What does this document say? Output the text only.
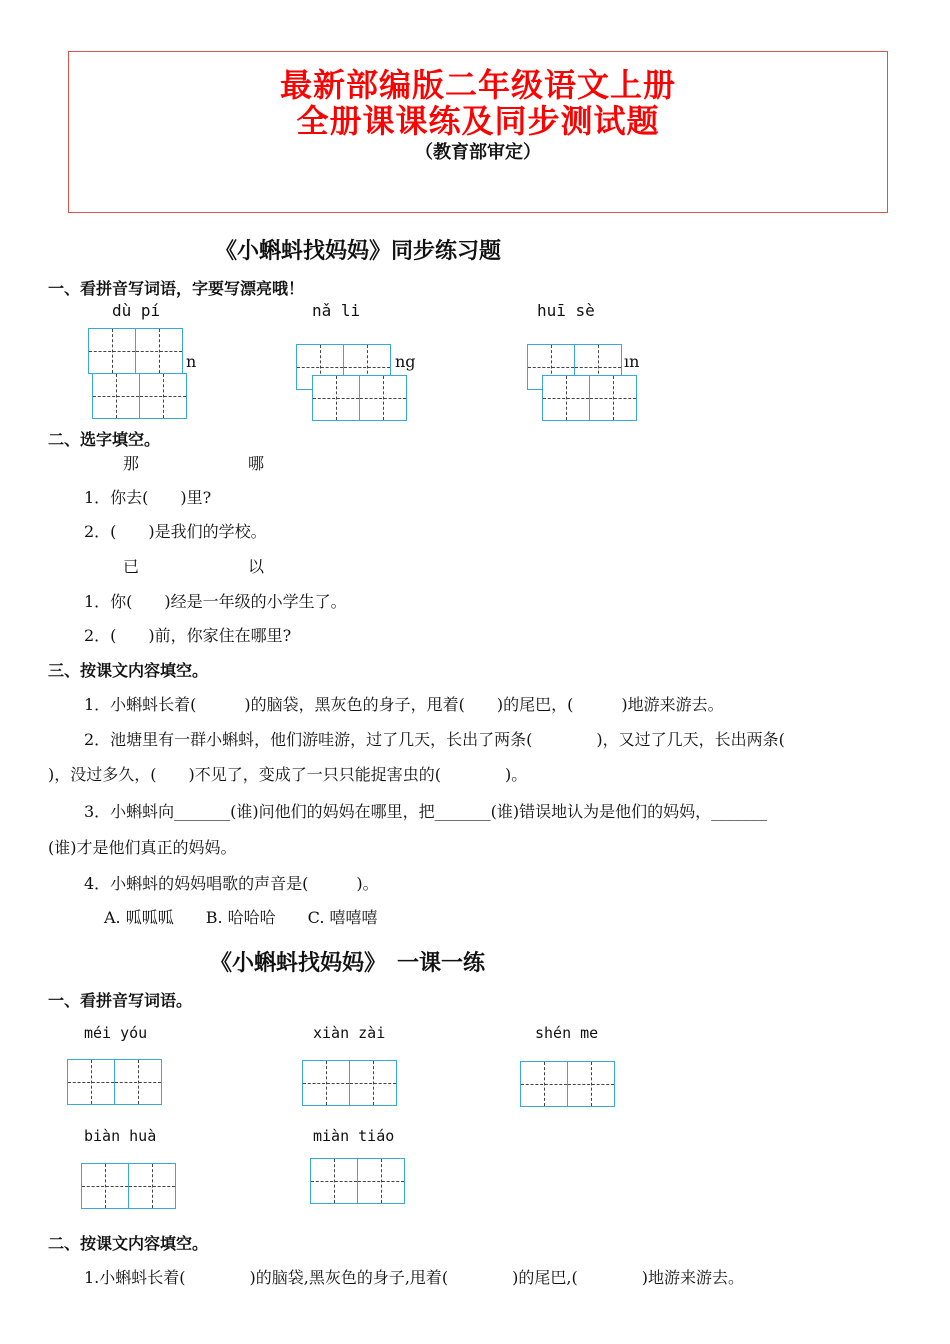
最新部编版二年级语文上册
全册课课练及同步测试题
（教育部审定）
《小蝌蚪找妈妈》同步练习题
一、看拼音写词语，字要写漂亮哦！
dù pí	nǎ li	huī sè
n	ng	ın
二、选字填空。
那	哪
1．你去(　　)里?
2．(　　)是我们的学校。
已	以
1．你(　　)经是一年级的小学生了。
2．(　　)前，你家住在哪里?
三、按课文内容填空。
1．小蝌蚪长着(　　　)的脑袋，黑灰色的身子，甩着(　　)的尾巴，(　　　)地游来游去。
2．池塘里有一群小蝌蚪，他们游哇游，过了几天，长出了两条(　　　　)，又过了几天，长出两条(
)，没过多久，(　　)不见了，变成了一只只能捉害虫的(　　　　)。
3．小蝌蚪向_______(谁)问他们的妈妈在哪里，把_______(谁)错误地认为是他们的妈妈，_______
(谁)才是他们真正的妈妈。
4．小蝌蚪的妈妈唱歌的声音是(　　　)。
A. 呱呱呱　　B. 哈哈哈　　C. 嘻嘻嘻
《小蝌蚪找妈妈》　一课一练
一、看拼音写词语。
méi yóu	xiàn zài	shén me
biàn huà	miàn tiáo
二、按课文内容填空。
1.小蝌蚪长着(　　　　)的脑袋,黑灰色的身子,甩着(　　　　)的尾巴,(　　　　)地游来游去。
